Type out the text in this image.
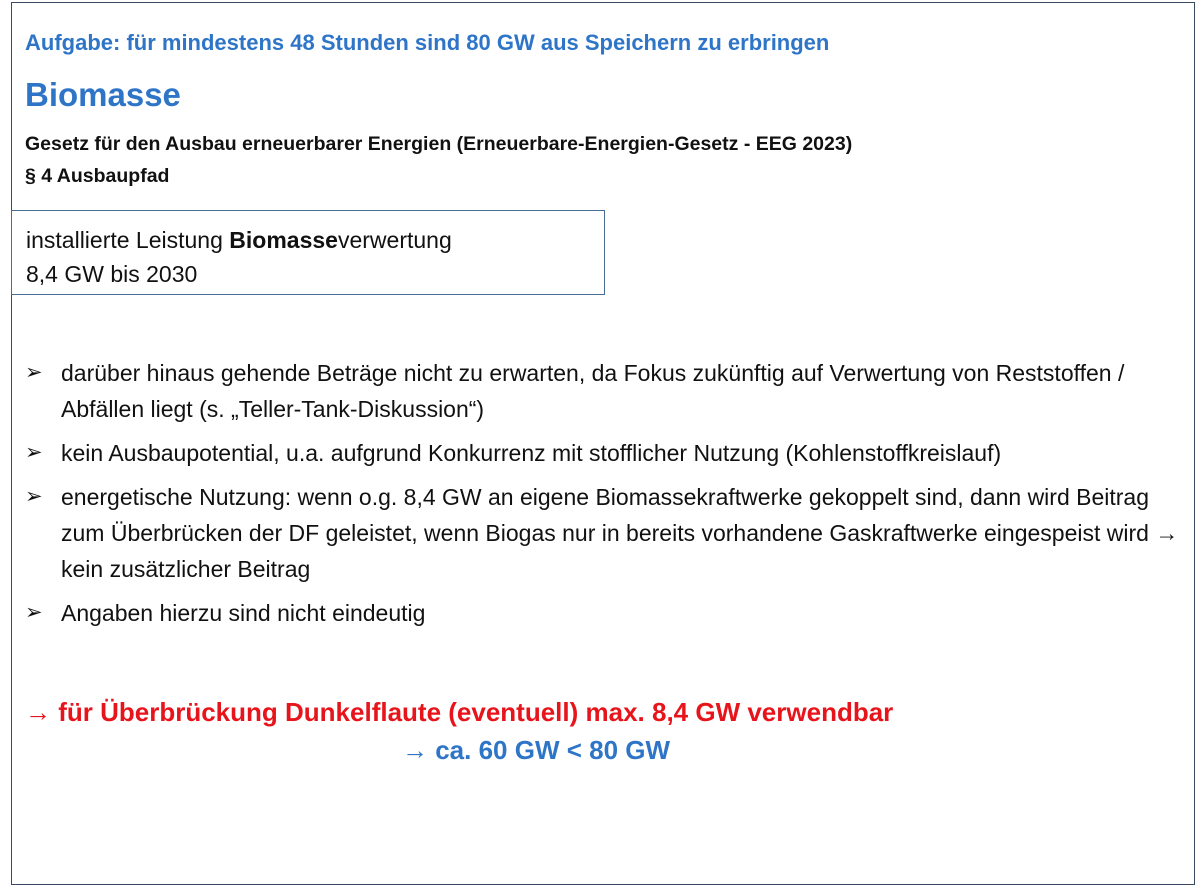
Aufgabe: für mindestens 48 Stunden sind 80 GW aus Speichern zu erbringen
Biomasse
Gesetz für den Ausbau erneuerbarer Energien (Erneuerbare-Energien-Gesetz - EEG 2023)
§ 4 Ausbaupfad
installierte Leistung Biomasseverwertung
8,4 GW bis 2030
➢ darüber hinaus gehende Beträge nicht zu erwarten, da Fokus zukünftig auf Verwertung von Reststoffen / Abfällen liegt (s. „Teller-Tank-Diskussion“)
➢ kein Ausbaupotential, u.a. aufgrund Konkurrenz mit stofflicher Nutzung (Kohlenstoffkreislauf)
➢ energetische Nutzung: wenn o.g. 8,4 GW an eigene Biomassekraftwerke gekoppelt sind, dann wird Beitrag zum Überbrücken der DF geleistet, wenn Biogas nur in bereits vorhandene Gaskraftwerke eingespeist wird → kein zusätzlicher Beitrag
➢ Angaben hierzu sind nicht eindeutig
→ für Überbrückung Dunkelflaute (eventuell) max. 8,4 GW verwendbar
→ ca. 60 GW < 80 GW
